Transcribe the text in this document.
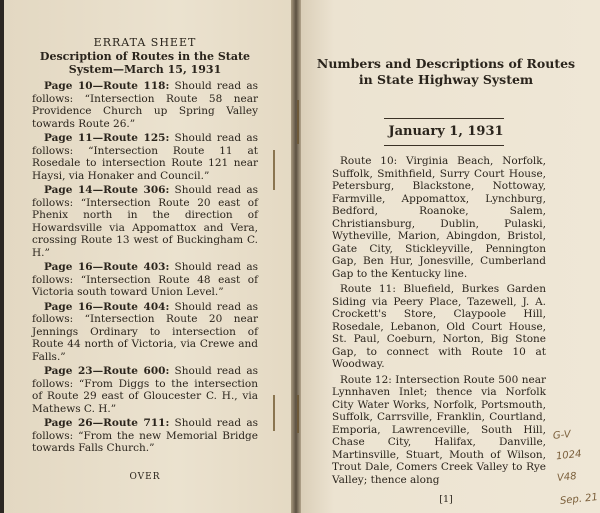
ERRATA SHEET
Description of Routes in the State System—March 15, 1931

Page 10—Route 118: Should read as follows: “Intersection Route 58 near Providence Church up Spring Valley towards Route 26.”

Page 11—Route 125: Should read as follows: “Intersection Route 11 at Rosedale to intersection Route 121 near Haysi, via Honaker and Council.”

Page 14—Route 306: Should read as follows: “Intersection Route 20 east of Phenix north in the direction of Howardsville via Appomattox and Vera, crossing Route 13 west of Buckingham C. H.”

Page 16—Route 403: Should read as follows: “Intersection Route 48 east of Victoria south toward Union Level.”

Page 16—Route 404: Should read as follows: “Intersection Route 20 near Jennings Ordinary to intersection of Route 44 north of Victoria, via Crewe and Falls.”

Page 23—Route 600: Should read as follows: “From Diggs to the intersection of Route 29 east of Gloucester C. H., via Mathews C. H.”

Page 26—Route 711: Should read as follows: “From the new Memorial Bridge towards Falls Church.”

OVER
Numbers and Descriptions of Routes in State Highway System
January 1, 1931

Route 10: Virginia Beach, Norfolk, Suffolk, Smithfield, Surry Court House, Petersburg, Blackstone, Nottoway, Farmville, Appomattox, Lynchburg, Bedford, Roanoke, Salem, Christiansburg, Dublin, Pulaski, Wytheville, Marion, Abingdon, Bristol, Gate City, Stickleyville, Pennington Gap, Ben Hur, Jonesville, Cumberland Gap to the Kentucky line.

Route 11: Bluefield, Burkes Garden Siding via Peery Place, Tazewell, J. A. Crockett's Store, Claypoole Hill, Rosedale, Lebanon, Old Court House, St. Paul, Coeburn, Norton, Big Stone Gap, to connect with Route 10 at Woodway.

Route 12: Intersection Route 500 near Lynnhaven Inlet; thence via Norfolk City Water Works, Norfolk, Portsmouth, Suffolk, Carrsville, Franklin, Courtland, Emporia, Lawrenceville, South Hill, Chase City, Halifax, Danville, Martinsville, Stuart, Mouth of Wilson, Trout Dale, Comers Creek Valley to Rye Valley; thence along

[1]
G-V
1024
V48
Sep. 21
